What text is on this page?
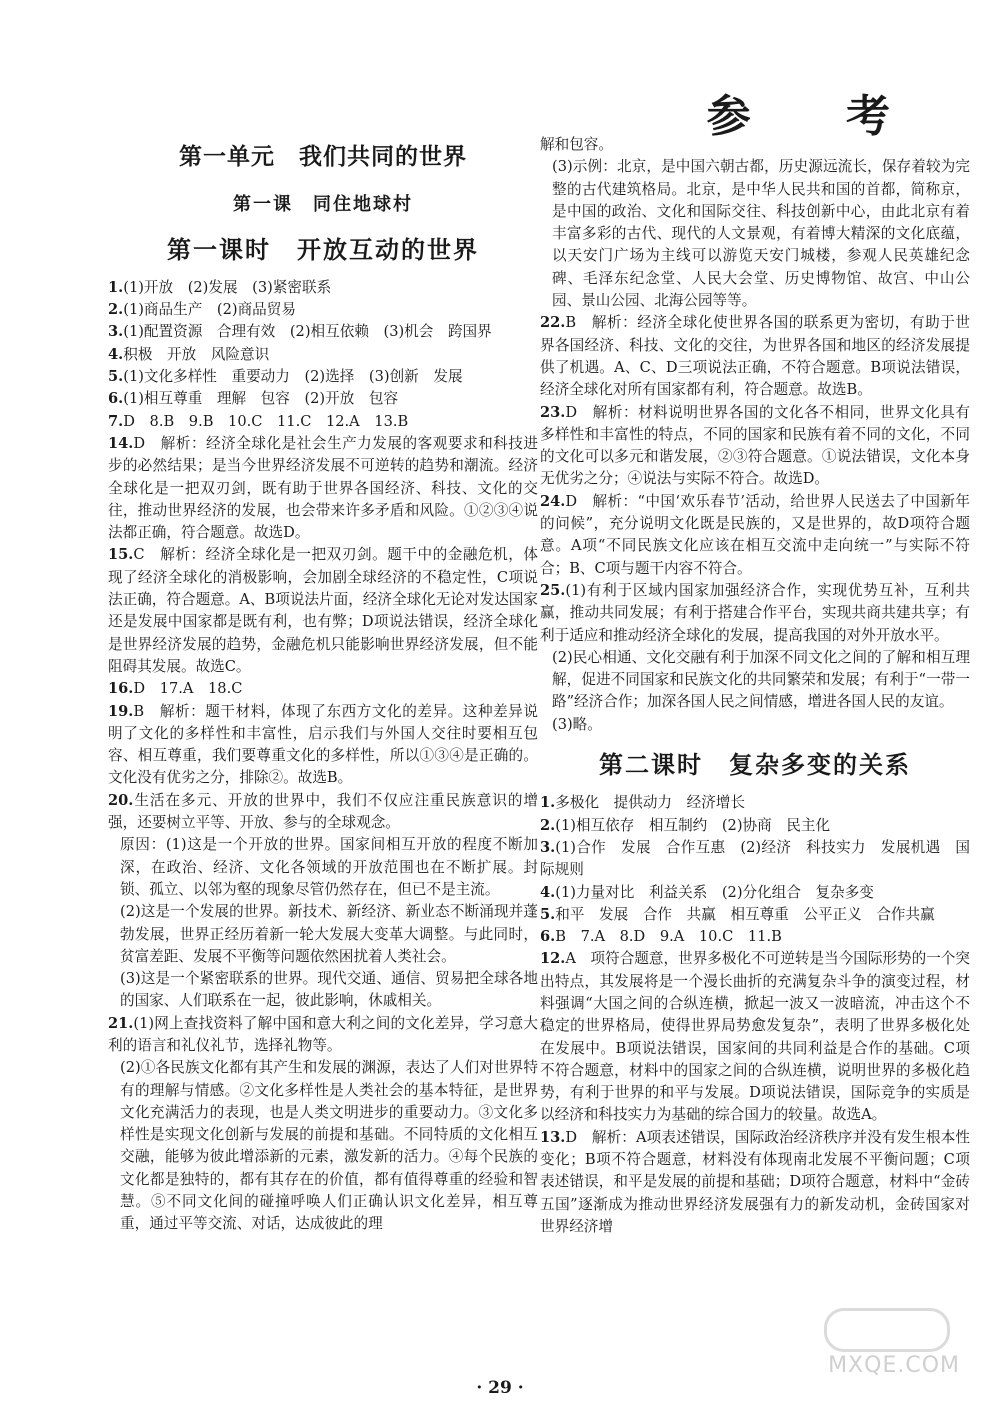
参 考
第一单元　我们共同的世界
第一课　同住地球村
第一课时　开放互动的世界

1.(1)开放　(2)发展　(3)紧密联系

2.(1)商品生产　(2)商品贸易

3.(1)配置资源　合理有效　(2)相互依赖　(3)机会　跨国界

4.积极　开放　风险意识

5.(1)文化多样性　重要动力　(2)选择　(3)创新　发展

6.(1)相互尊重　理解　包容　(2)开放　包容

7.D　8.B　9.B　10.C　11.C　12.A　13.B

14.D　解析：经济全球化是社会生产力发展的客观要求和科技进步的必然结果；是当今世界经济发展不可逆转的趋势和潮流。经济全球化是一把双刃剑，既有助于世界各国经济、科技、文化的交往，推动世界经济的发展，也会带来许多矛盾和风险。①②③④说法都正确，符合题意。故选D。

15.C　解析：经济全球化是一把双刃剑。题干中的金融危机，体现了经济全球化的消极影响，会加剧全球经济的不稳定性，C项说法正确，符合题意。A、B项说法片面，经济全球化无论对发达国家还是发展中国家都是既有利，也有弊；D项说法错误，经济全球化是世界经济发展的趋势，金融危机只能影响世界经济发展，但不能阻碍其发展。故选C。

16.D　17.A　18.C

19.B　解析：题干材料，体现了东西方文化的差异。这种差异说明了文化的多样性和丰富性，启示我们与外国人交往时要相互包容、相互尊重，我们要尊重文化的多样性，所以①③④是正确的。文化没有优劣之分，排除②。故选B。

20.生活在多元、开放的世界中，我们不仅应注重民族意识的增强，还要树立平等、开放、参与的全球观念。

原因：(1)这是一个开放的世界。国家间相互开放的程度不断加深，在政治、经济、文化各领域的开放范围也在不断扩展。封锁、孤立、以邻为壑的现象尽管仍然存在，但已不是主流。

(2)这是一个发展的世界。新技术、新经济、新业态不断涌现并蓬勃发展，世界正经历着新一轮大发展大变革大调整。与此同时，贫富差距、发展不平衡等问题依然困扰着人类社会。

(3)这是一个紧密联系的世界。现代交通、通信、贸易把全球各地的国家、人们联系在一起，彼此影响，休戚相关。

21.(1)网上查找资料了解中国和意大利之间的文化差异，学习意大利的语言和礼仪礼节，选择礼物等。

(2)①各民族文化都有其产生和发展的渊源，表达了人们对世界特有的理解与情感。②文化多样性是人类社会的基本特征，是世界文化充满活力的表现，也是人类文明进步的重要动力。③文化多样性是实现文化创新与发展的前提和基础。不同特质的文化相互交融，能够为彼此增添新的元素，激发新的活力。④每个民族的文化都是独特的，都有其存在的价值，都有值得尊重的经验和智慧。⑤不同文化间的碰撞呼唤人们正确认识文化差异，相互尊重，通过平等交流、对话，达成彼此的理

解和包容。

(3)示例：北京，是中国六朝古都，历史源远流长，保存着较为完整的古代建筑格局。北京，是中华人民共和国的首都，简称京，是中国的政治、文化和国际交往、科技创新中心，由此北京有着丰富多彩的古代、现代的人文景观，有着博大精深的文化底蕴，以天安门广场为主线可以游览天安门城楼，参观人民英雄纪念碑、毛泽东纪念堂、人民大会堂、历史博物馆、故宫、中山公园、景山公园、北海公园等等。

22.B　解析：经济全球化使世界各国的联系更为密切，有助于世界各国经济、科技、文化的交往，为世界各国和地区的经济发展提供了机遇。A、C、D三项说法正确，不符合题意。B项说法错误，经济全球化对所有国家都有利，符合题意。故选B。

23.D　解析：材料说明世界各国的文化各不相同，世界文化具有多样性和丰富性的特点，不同的国家和民族有着不同的文化，不同的文化可以多元和谐发展，②③符合题意。①说法错误，文化本身无优劣之分；④说法与实际不符合。故选D。

24.D　解析：“中国‘欢乐春节’活动，给世界人民送去了中国新年的问候”，充分说明文化既是民族的，又是世界的，故D项符合题意。A项“不同民族文化应该在相互交流中走向统一”与实际不符合；B、C项与题干内容不符合。

25.(1)有利于区域内国家加强经济合作，实现优势互补，互利共赢，推动共同发展；有利于搭建合作平台，实现共商共建共享；有利于适应和推动经济全球化的发展，提高我国的对外开放水平。

(2)民心相通、文化交融有利于加深不同文化之间的了解和相互理解，促进不同国家和民族文化的共同繁荣和发展；有利于“一带一路”经济合作；加深各国人民之间情感，增进各国人民的友谊。

(3)略。

第二课时　复杂多变的关系

1.多极化　提供动力　经济增长

2.(1)相互依存　相互制约　(2)协商　民主化

3.(1)合作　发展　合作互惠　(2)经济　科技实力　发展机遇　国际规则

4.(1)力量对比　利益关系　(2)分化组合　复杂多变

5.和平　发展　合作　共赢　相互尊重　公平正义　合作共赢

6.B　7.A　8.D　9.A　10.C　11.B

12.A　项符合题意，世界多极化不可逆转是当今国际形势的一个突出特点，其发展将是一个漫长曲折的充满复杂斗争的演变过程，材料强调“大国之间的合纵连横，掀起一波又一波暗流，冲击这个不稳定的世界格局，使得世界局势愈发复杂”，表明了世界多极化处在发展中。B项说法错误，国家间的共同利益是合作的基础。C项不符合题意，材料中的国家之间的合纵连横，说明世界的多极化趋势，有利于世界的和平与发展。D项说法错误，国际竞争的实质是以经济和科技实力为基础的综合国力的较量。故选A。

13.D　解析：A项表述错误，国际政治经济秩序并没有发生根本性变化；B项不符合题意，材料没有体现南北发展不平衡问题；C项表述错误，和平是发展的前提和基础；D项符合题意，材料中“金砖五国”逐渐成为推动世界经济发展强有力的新发动机，金砖国家对世界经济增

· 29 ·
MXQE.COM
